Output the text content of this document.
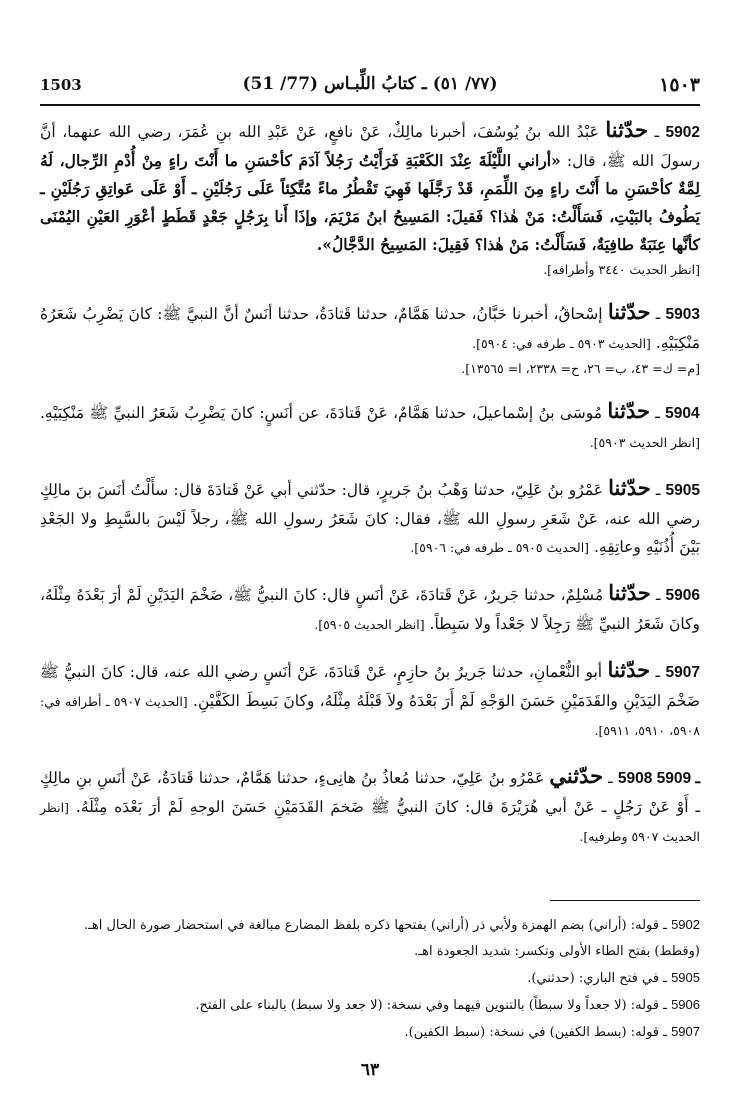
١٥٠٣
(٧٧/ ٥١) ـ كتابُ اللِّبـاس (77/ 51)
1503

5902 ـ حدّثنا عَبْدُ الله بنُ يُوسُفَ، أخبرنا مالِكٌ، عَنْ نافعٍ، عَنْ عَبْدِ الله بنِ عُمَرَ، رضي الله عنهما، أنَّ رسولَ الله ﷺ، قال: «أراني اللَّيْلَةَ عِنْدَ الكَعْبَةِ فَرَأَيْتُ رَجُلاً آدَمَ كأحْسَنِ ما أَنْتَ راءٍ مِنْ أُدْمِ الرِّجال، لَهُ لِمَّةٌ كأحْسَنِ ما أَنْتَ راءٍ مِنَ اللِّمَمِ، قَدْ رَجَّلَها فَهِيَ تَقْطُرُ ماءً مُتَّكِئاً عَلَى رَجُلَيْنِ ـ أَوْ عَلَى عَواتِقِ رَجُلَيْنِ ـ يَطُوفُ بالبَيْتِ، فَسَأَلْتُ: مَنْ هٰذا؟ فَقيلَ: المَسِيحُ ابنُ مَرْيَمَ، وإذَا أَنا بِرَجُلٍ جَعْدٍ قَطَطٍ أعْوَرِ العَيْنِ اليُمْنَى كأنَّها عِنَبَةٌ طافِيَةٌ، فَسَأَلْتُ: مَنْ هٰذا؟ فَقِيلَ: المَسِيحُ الدَّجَّالُ».
[انظر الحديث ٣٤٤٠ وأطرافه].

5903 ـ حدّثنا إسْحاقُ، أخبرنا حَبَّانُ، حدثنا هَمَّامٌ، حدثنا قَتادَةُ، حدثنا أنَسٌ أنَّ النبيَّ ﷺ: كانَ يَضْرِبُ شَعَرُهُ مَنْكِبَيْهِ. [الحديث ٥٩٠٣ ـ طرفه في: ٥٩٠٤].
[م= ك= ٤٣، ب= ٢٦، ح= ٢٣٣٨، ا= ١٣٥٦٥].

5904 ـ حدّثنا مُوسَى بنُ إسْماعيلَ، حدثنا هَمَّامٌ، عَنْ قَتادَةَ، عن أنَسٍ: كانَ يَضْرِبُ شَعَرُ النبيِّ ﷺ مَنْكِبَيْهِ. [انظر الحديث ٥٩٠٣].

5905 ـ حدّثنا عَمْرُو بنُ عَلِيّ، حدثنا وَهْبُ بنُ جَريرٍ، قال: حدّثني أبي عَنْ قَتادَةَ قال: سأَلْتُ أنَسَ بنَ مالِكٍ رضي الله عنه، عَنْ شَعَرِ رسولِ الله ﷺ، فقال: كانَ شَعَرُ رسولِ الله ﷺ، رجلاً لَيْسَ بالسَّبِطِ ولا الجَعْدِ بَيْنَ أُذُنَيْهِ وعاتِقِهِ. [الحديث ٥٩٠٥ ـ طرفه في: ٥٩٠٦].

5906 ـ حدّثنا مُسْلِمٌ، حدثنا جَريرٌ، عَنْ قَتادَةَ، عَنْ أنَسٍ قال: كانَ النبيُّ ﷺ، ضَخْمَ اليَدَيْنِ لَمْ أرَ بَعْدَهُ مِثْلَهُ، وكانَ شَعَرُ النبيِّ ﷺ رَجِلاً لا جَعْداً ولا سَبِطاً. [انظر الحديث ٥٩٠٥].

5907 ـ حدّثنا أبو النُّعْمانِ، حدثنا جَريرُ بنُ حازِمٍ، عَنْ قَتادَةَ، عَنْ أنَسٍ رضي الله عنه، قال: كانَ النبيُّ ﷺ ضَخْمَ اليَدَيْنِ والقَدَمَيْنِ حَسَنَ الوَجْهِ لَمْ أَرَ بَعْدَهُ ولاَ قَبْلَهُ مِثْلَهُ، وكانَ بَسِطَ الكَفَّيْنِ. [الحديث ٥٩٠٧ ـ أطرافه في: ٥٩٠٨، ٥٩١٠، ٥٩١١].

5908 ـ 5909 ـ حدّثني عَمْرُو بنُ عَلِيّ، حدثنا مُعاذُ بنُ هانِىءٍ، حدثنا هَمَّامٌ، حدثنا قَتادَةُ، عَنْ أنَسِ بنِ مالِكٍ ـ أَوْ عَنْ رَجُلٍ ـ عَنْ أبي هُرَيْرَةَ قال: كانَ النبيُّ ﷺ ضَخمَ القَدَمَيْنِ حَسَنَ الوجهِ لَمْ أرَ بَعْدَه مِثْلَهُ. [انظر الحديث ٥٩٠٧ وطرفيه].

5902 ـ قوله: (أراني) بضم الهمزة ولأبي ذر (أراني) بفتحها ذكره بلفظ المضارع مبالغة في استحضار صورة الحال اهـ. (وقطط) بفتح الطاء الأولى وتكسر: شديد الجعودة اهـ.

5905 ـ في فتح الباري: (حدثني).

5906 ـ قوله: (لا جعداً ولا سبطاً) بالتنوين فيهما وفي نسخة: (لا جعد ولا سبط) بالبناء على الفتح.

5907 ـ قوله: (بسط الكفين) في نسخة: (سبط الكفين).

٦٣
